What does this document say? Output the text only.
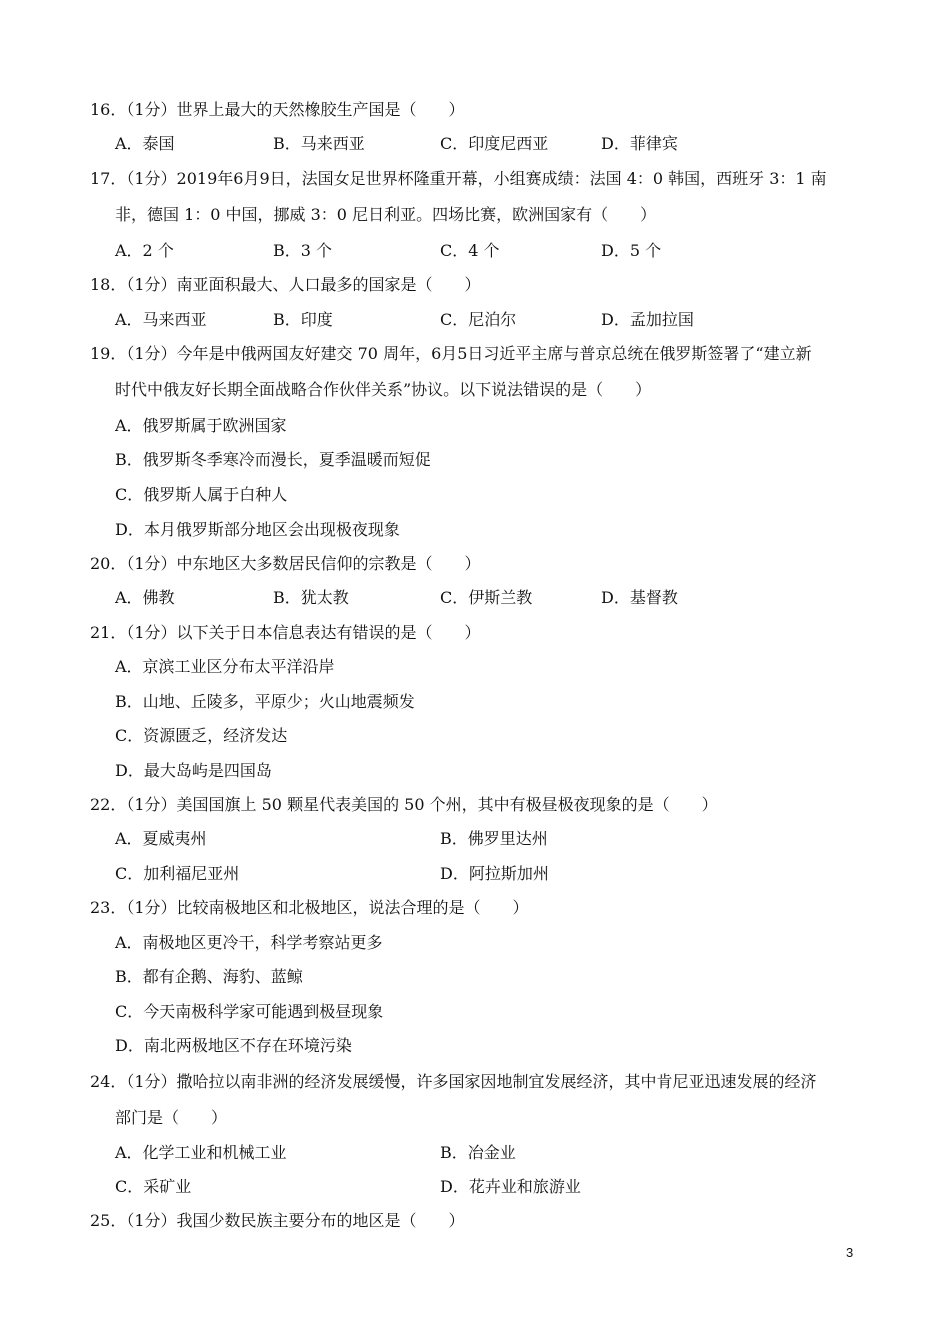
16．（1分）世界上最大的天然橡胶生产国是（　　）
A．泰国	B．马来西亚	C．印度尼西亚	D．菲律宾
17．（1分）2019年6月9日，法国女足世界杯隆重开幕，小组赛成绩：法国 4：0 韩国，西班牙 3：1 南
非，德国 1：0 中国，挪威 3：0 尼日利亚。四场比赛，欧洲国家有（　　）
A．2 个	B．3 个	C．4 个	D．5 个
18．（1分）南亚面积最大、人口最多的国家是（　　）
A．马来西亚	B．印度	C．尼泊尔	D．孟加拉国
19．（1分）今年是中俄两国友好建交 70 周年，6月5日习近平主席与普京总统在俄罗斯签署了“建立新
时代中俄友好长期全面战略合作伙伴关系”协议。以下说法错误的是（　　）
A．俄罗斯属于欧洲国家
B．俄罗斯冬季寒冷而漫长，夏季温暖而短促
C．俄罗斯人属于白种人
D．本月俄罗斯部分地区会出现极夜现象
20．（1分）中东地区大多数居民信仰的宗教是（　　）
A．佛教	B．犹太教	C．伊斯兰教	D．基督教
21．（1分）以下关于日本信息表达有错误的是（　　）
A．京滨工业区分布太平洋沿岸
B．山地、丘陵多，平原少；火山地震频发
C．资源匮乏，经济发达
D．最大岛屿是四国岛
22．（1分）美国国旗上 50 颗星代表美国的 50 个州，其中有极昼极夜现象的是（　　）
A．夏威夷州	B．佛罗里达州
C．加利福尼亚州	D．阿拉斯加州
23．（1分）比较南极地区和北极地区，说法合理的是（　　）
A．南极地区更冷干，科学考察站更多
B．都有企鹅、海豹、蓝鲸
C．今天南极科学家可能遇到极昼现象
D．南北两极地区不存在环境污染
24．（1分）撒哈拉以南非洲的经济发展缓慢，许多国家因地制宜发展经济，其中肯尼亚迅速发展的经济
部门是（　　）
A．化学工业和机械工业	B．冶金业
C．采矿业	D．花卉业和旅游业
25．（1分）我国少数民族主要分布的地区是（　　）
3
